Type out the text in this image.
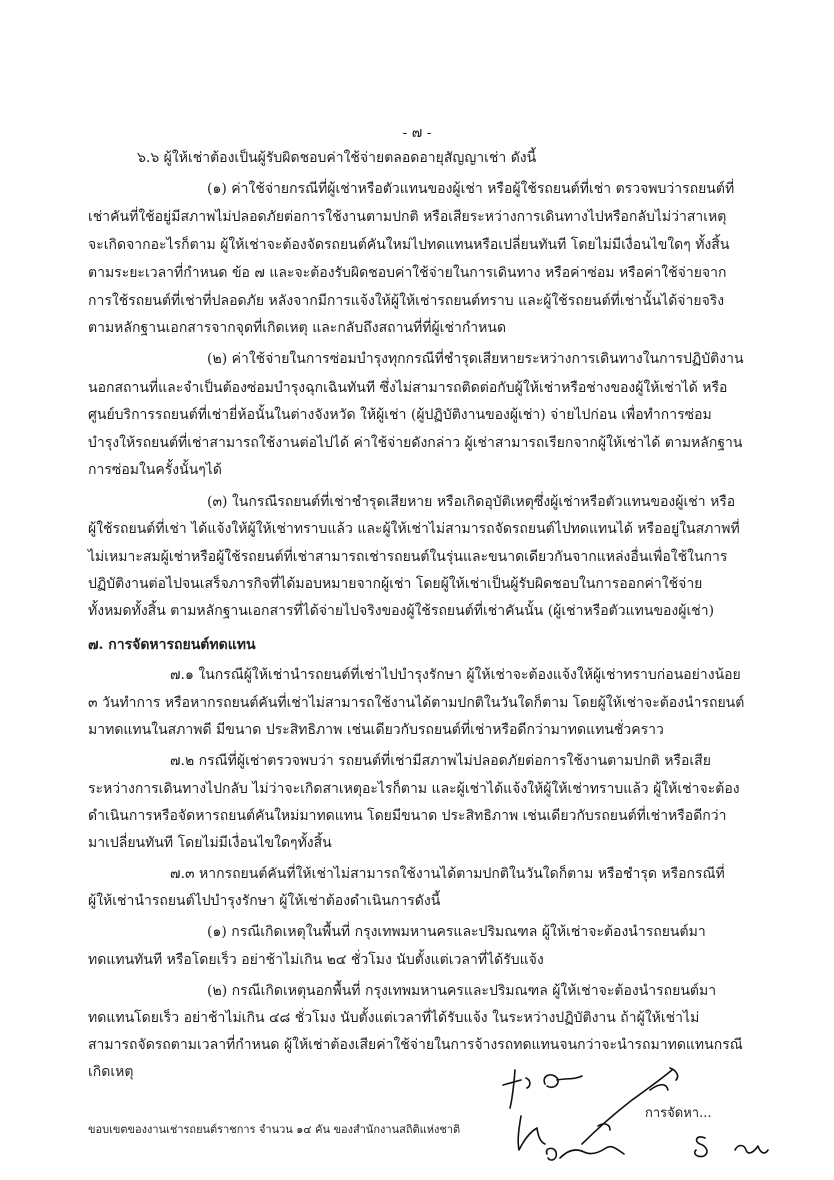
- ๗ -
๖.๖ ผู้ให้เช่าต้องเป็นผู้รับผิดชอบค่าใช้จ่ายตลอดอายุสัญญาเช่า ดังนี้
(๑) ค่าใช้จ่ายกรณีที่ผู้เช่าหรือตัวแทนของผู้เช่า หรือผู้ใช้รถยนต์ที่เช่า ตรวจพบว่ารถยนต์ที่
เช่าคันที่ใช้อยู่มีสภาพไม่ปลอดภัยต่อการใช้งานตามปกติ หรือเสียระหว่างการเดินทางไปหรือกลับไม่ว่าสาเหตุ
จะเกิดจากอะไรก็ตาม ผู้ให้เช่าจะต้องจัดรถยนต์คันใหม่ไปทดแทนหรือเปลี่ยนทันที โดยไม่มีเงื่อนไขใดๆ ทั้งสิ้น
ตามระยะเวลาที่กำหนด ข้อ ๗ และจะต้องรับผิดชอบค่าใช้จ่ายในการเดินทาง หรือค่าซ่อม หรือค่าใช้จ่ายจาก
การใช้รถยนต์ที่เช่าที่ปลอดภัย หลังจากมีการแจ้งให้ผู้ให้เช่ารถยนต์ทราบ และผู้ใช้รถยนต์ที่เช่านั้นได้จ่ายจริง
ตามหลักฐานเอกสารจากจุดที่เกิดเหตุ และกลับถึงสถานที่ที่ผู้เช่ากำหนด
(๒) ค่าใช้จ่ายในการซ่อมบำรุงทุกกรณีที่ชำรุดเสียหายระหว่างการเดินทางในการปฏิบัติงาน
นอกสถานที่และจำเป็นต้องซ่อมบำรุงฉุกเฉินทันที ซึ่งไม่สามารถติดต่อกับผู้ให้เช่าหรือช่างของผู้ให้เช่าได้ หรือ
ศูนย์บริการรถยนต์ที่เช่ายี่ห้อนั้นในต่างจังหวัด ให้ผู้เช่า (ผู้ปฏิบัติงานของผู้เช่า) จ่ายไปก่อน เพื่อทำการซ่อม
บำรุงให้รถยนต์ที่เช่าสามารถใช้งานต่อไปได้ ค่าใช้จ่ายดังกล่าว ผู้เช่าสามารถเรียกจากผู้ให้เช่าได้ ตามหลักฐาน
การซ่อมในครั้งนั้นๆได้
(๓) ในกรณีรถยนต์ที่เช่าชำรุดเสียหาย หรือเกิดอุบัติเหตุซึ่งผู้เช่าหรือตัวแทนของผู้เช่า หรือ
ผู้ใช้รถยนต์ที่เช่า ได้แจ้งให้ผู้ให้เช่าทราบแล้ว และผู้ให้เช่าไม่สามารถจัดรถยนต์ไปทดแทนได้ หรืออยู่ในสภาพที่
ไม่เหมาะสมผู้เช่าหรือผู้ใช้รถยนต์ที่เช่าสามารถเช่ารถยนต์ในรุ่นและขนาดเดียวกันจากแหล่งอื่นเพื่อใช้ในการ
ปฏิบัติงานต่อไปจนเสร็จภารกิจที่ได้มอบหมายจากผู้เช่า โดยผู้ให้เช่าเป็นผู้รับผิดชอบในการออกค่าใช้จ่าย
ทั้งหมดทั้งสิ้น ตามหลักฐานเอกสารที่ได้จ่ายไปจริงของผู้ใช้รถยนต์ที่เช่าคันนั้น (ผู้เช่าหรือตัวแทนของผู้เช่า)
๗. การจัดหารถยนต์ทดแทน
๗.๑ ในกรณีผู้ให้เช่านำรถยนต์ที่เช่าไปบำรุงรักษา ผู้ให้เช่าจะต้องแจ้งให้ผู้เช่าทราบก่อนอย่างน้อย
๓ วันทำการ หรือหากรถยนต์คันที่เช่าไม่สามารถใช้งานได้ตามปกติในวันใดก็ตาม โดยผู้ให้เช่าจะต้องนำรถยนต์
มาทดแทนในสภาพดี มีขนาด ประสิทธิภาพ เช่นเดียวกับรถยนต์ที่เช่าหรือดีกว่ามาทดแทนชั่วคราว
๗.๒ กรณีที่ผู้เช่าตรวจพบว่า รถยนต์ที่เช่ามีสภาพไม่ปลอดภัยต่อการใช้งานตามปกติ หรือเสีย
ระหว่างการเดินทางไปกลับ ไม่ว่าจะเกิดสาเหตุอะไรก็ตาม และผู้เช่าได้แจ้งให้ผู้ให้เช่าทราบแล้ว ผู้ให้เช่าจะต้อง
ดำเนินการหรือจัดหารถยนต์คันใหม่มาทดแทน โดยมีขนาด ประสิทธิภาพ เช่นเดียวกับรถยนต์ที่เช่าหรือดีกว่า
มาเปลี่ยนทันที โดยไม่มีเงื่อนไขใดๆทั้งสิ้น
๗.๓ หากรถยนต์คันที่ให้เช่าไม่สามารถใช้งานได้ตามปกติในวันใดก็ตาม หรือชำรุด หรือกรณีที่
ผู้ให้เช่านำรถยนต์ไปบำรุงรักษา ผู้ให้เช่าต้องดำเนินการดังนี้
(๑) กรณีเกิดเหตุในพื้นที่ กรุงเทพมหานครและปริมณฑล ผู้ให้เช่าจะต้องนำรถยนต์มา
ทดแทนทันที หรือโดยเร็ว อย่าช้าไม่เกิน ๒๔ ชั่วโมง นับตั้งแต่เวลาที่ได้รับแจ้ง
(๒) กรณีเกิดเหตุนอกพื้นที่ กรุงเทพมหานครและปริมณฑล ผู้ให้เช่าจะต้องนำรถยนต์มา
ทดแทนโดยเร็ว อย่าช้าไม่เกิน ๔๘ ชั่วโมง นับตั้งแต่เวลาที่ได้รับแจ้ง ในระหว่างปฏิบัติงาน ถ้าผู้ให้เช่าไม่
สามารถจัดรถตามเวลาที่กำหนด ผู้ให้เช่าต้องเสียค่าใช้จ่ายในการจ้างรถทดแทนจนกว่าจะนำรถมาทดแทนกรณี
เกิดเหตุ
การจัดหา...
ขอบเขตของงานเช่ารถยนต์ราชการ จำนวน ๑๔ คัน ของสำนักงานสถิติแห่งชาติ
